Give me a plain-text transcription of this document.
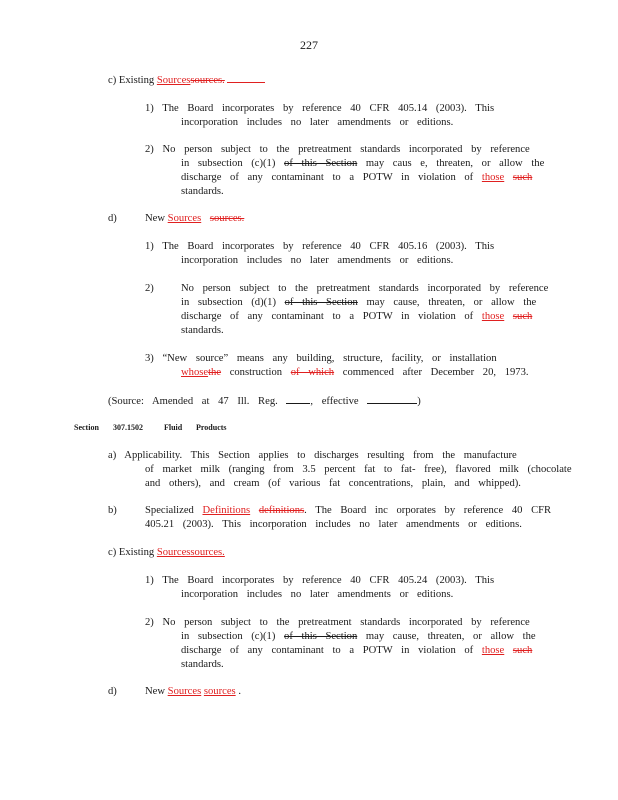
227
c) Existing Sourcessources.
1) The Board incorporates by reference 40 CFR 405.14 (2003). This
incorporation includes no later amendments or editions.
2) No person subject to the pretreatment standards incorporated by reference
in subsection (c)(1) of this Section may caus e, threaten, or allow the
discharge of any contaminant to a POTW in violation of those such
standards.
d)	New Sources sources.
1) The Board incorporates by reference 40 CFR 405.16 (2003). This
incorporation includes no later amendments or editions.
2)	No person subject to the pretreatment standards incorporated by reference
in subsection (d)(1) of this Section may cause, threaten, or allow the
discharge of any contaminant to a POTW in violation of those such
standards.
3) “New source” means any building, structure, facility, or installation
whosethe construction of which commenced after December 20, 1973.
(Source: Amended at 47 Ill. Reg.	, effective	)
Section 307.1502	Fluid Products
a) Applicability. This Section applies to discharges resulting from the manufacture
of market milk (ranging from 3.5 percent fat to fat- free), flavored milk (chocolate
and others), and cream (of various fat concentrations, plain, and whipped).
b)	Specialized Definitions definitions. The Board inc orporates by reference 40 CFR
405.21 (2003). This incorporation includes no later amendments or editions.
c) Existing Sourcessources.
1) The Board incorporates by reference 40 CFR 405.24 (2003). This
incorporation includes no later amendments or editions.
2) No person subject to the pretreatment standards incorporated by reference
in subsection (c)(1) of this Section may cause, threaten, or allow the
discharge of any contaminant to a POTW in violation of those such
standards.
d)	New Sources sources .
